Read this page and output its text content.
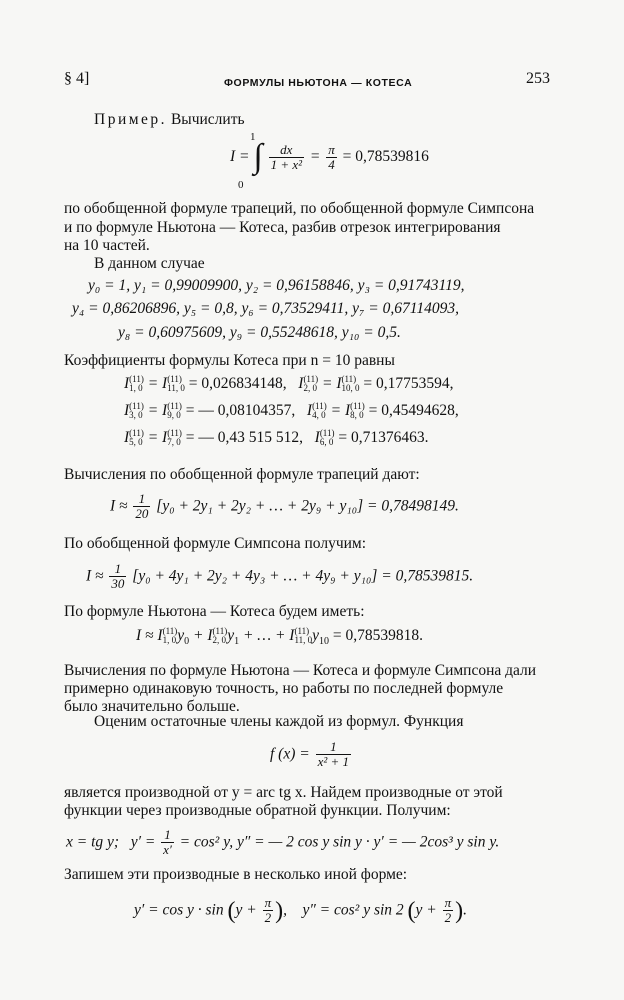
§ 4]	ФОРМУЛЫ НЬЮТОНА — КОТЕСА	253
Пример. Вычислить
1
0
I = ∫ $\frac{dx}{\text{1 + x²}} = \frac{\pi}{4} = 0,78539816$
по обобщенной формуле трапеций, по обобщенной формуле Симпсона
и по формуле Ньютона — Котеса, разбив отрезок интегрирования
на 10 частей.
В данном случае
y₀ = 1, y₁ = 0,99009900, y₂ = 0,96158846, y₃ = 0,91743119,
y₄ = 0,86206896, y₅ = 0,8, y₆ = 0,73529411, y₇ = 0,67114093,
y₈ = 0,60975609, y₉ = 0,55248618, y₁₀ = 0,5.
Коэффициенты формулы Котеса при n = 10 равны
I (11)
1, 0 = I (11)
11, 0 = 0,026834148,   I (11)
2, 0 = I (11)
10, 0 = 0,17753594,
I (11)
3, 0 = I (11)
9, 0 = — 0,08104357,   I (11)
4, 0 = I (11)
8, 0 = 0,45494628,
I (11)
5, 0 = I (11)
7, 0 = — 0,43 515 512,   I (11)
6, 0 = 0,71376463.
Вычисления по обобщенной формуле трапеций дают:
$I \approx \frac{1}{20} [y_0 + 2y_1 + 2y_2$ + … + 2y₉ + y₁₀] = 0,78498149.
По обобщенной формуле Симпсона получим:
$I \approx \frac{1}{30} [y_0 + 4y_1 + 2y_2 + 4y_3$ + … + 4y₉ + y₁₀] = 0,78539815.
По формуле Ньютона — Котеса будем иметь:
I ≈ I (11)
1, 0 $y_0 + I$ (11)
2, 0 $y_1$ + … + I (11)
11, 0 $y_{10} = 0,78539818$.
Вычисления по формуле Ньютона — Котеса и формуле Симпсона дали
примерно одинаковую точность, но работы по последней формуле
было значительно больше.
Оценим остаточные члены каждой из формул. Функция
f $(x) = \frac{1}{\text{x² + 1}}$
является производной от y = arc tg x. Найдем производные от этой
функции через производные обратной функции. Получим:
x = tg y; $y' = \frac{1}{x'} = \cos^2$ y, y″ = — 2 cos y sin y · y′ = — 2cos³ y sin y.
Запишем эти производные в несколько иной форме:
$y' = \cos y \cdot \sin (y + \frac{\pi}{2}$ ), y″ = cos² y sin 2 ($y + \frac{\pi}{2}$ ).
